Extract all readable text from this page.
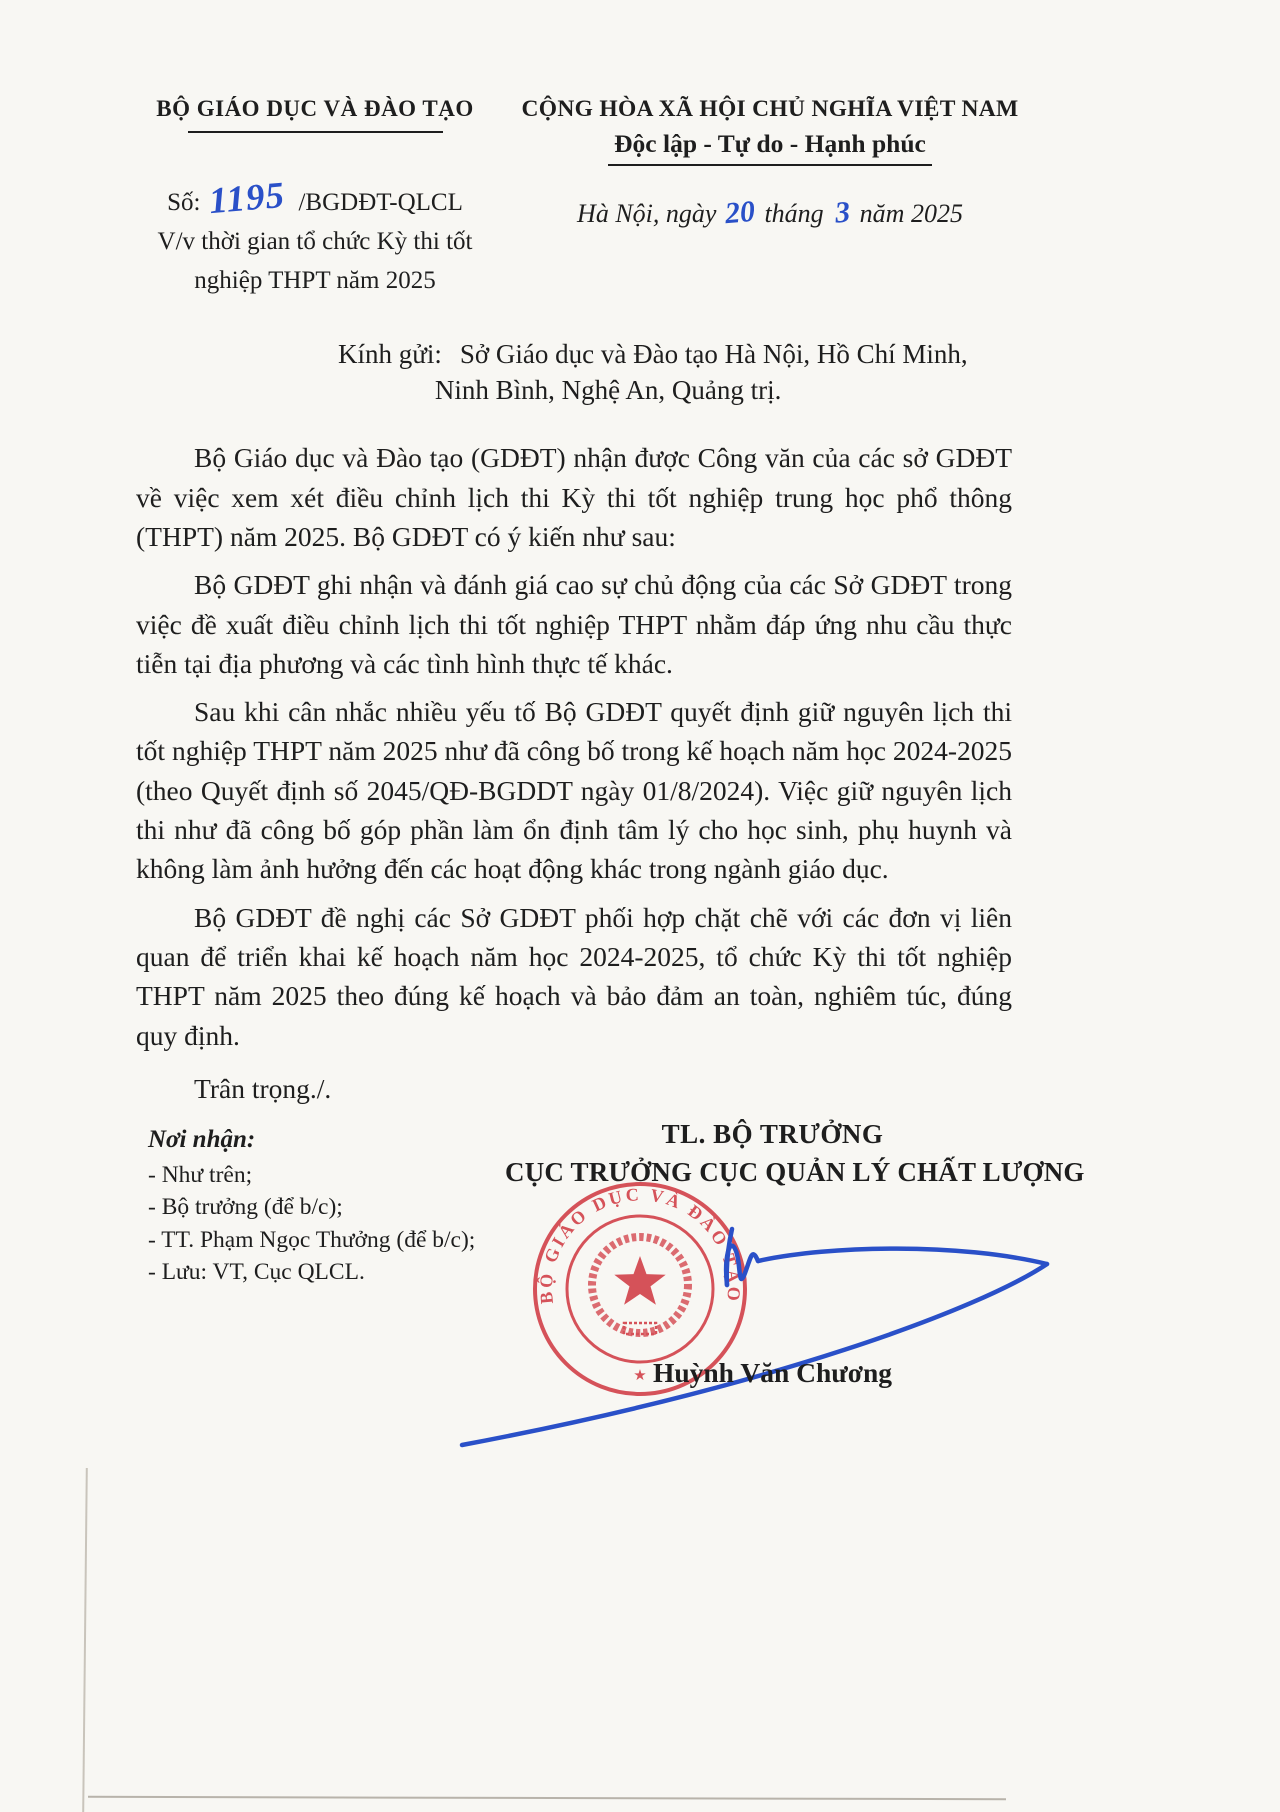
BỘ GIÁO DỤC VÀ ĐÀO TẠO
Số: 1195 /BGDĐT-QLCL
V/v thời gian tổ chức Kỳ thi tốt
nghiệp THPT năm 2025
CỘNG HÒA XÃ HỘI CHỦ NGHĨA VIỆT NAM
Độc lập - Tự do - Hạnh phúc
Hà Nội, ngày 20 tháng 3 năm 2025
Kính gửi: Sở Giáo dục và Đào tạo Hà Nội, Hồ Chí Minh,
Ninh Bình, Nghệ An, Quảng trị.

Bộ Giáo dục và Đào tạo (GDĐT) nhận được Công văn của các sở GDĐT về việc xem xét điều chỉnh lịch thi Kỳ thi tốt nghiệp trung học phổ thông (THPT) năm 2025. Bộ GDĐT có ý kiến như sau:

Bộ GDĐT ghi nhận và đánh giá cao sự chủ động của các Sở GDĐT trong việc đề xuất điều chỉnh lịch thi tốt nghiệp THPT nhằm đáp ứng nhu cầu thực tiễn tại địa phương và các tình hình thực tế khác.

Sau khi cân nhắc nhiều yếu tố Bộ GDĐT quyết định giữ nguyên lịch thi tốt nghiệp THPT năm 2025 như đã công bố trong kế hoạch năm học 2024-2025 (theo Quyết định số 2045/QĐ-BGDDT ngày 01/8/2024). Việc giữ nguyên lịch thi như đã công bố góp phần làm ổn định tâm lý cho học sinh, phụ huynh và không làm ảnh hưởng đến các hoạt động khác trong ngành giáo dục.

Bộ GDĐT đề nghị các Sở GDĐT phối hợp chặt chẽ với các đơn vị liên quan để triển khai kế hoạch năm học 2024-2025, tổ chức Kỳ thi tốt nghiệp THPT năm 2025 theo đúng kế hoạch và bảo đảm an toàn, nghiêm túc, đúng quy định.

Trân trọng./.

Nơi nhận:
- Như trên;
- Bộ trưởng (để b/c);
- TT. Phạm Ngọc Thưởng (để b/c);
- Lưu: VT, Cục QLCL.
TL. BỘ TRƯỞNG
CỤC TRƯỞNG CỤC QUẢN LÝ CHẤT LƯỢNG
BỘ GIÁO DỤC VÀ ĐÀO TẠO
★ Huỳnh Văn Chương
